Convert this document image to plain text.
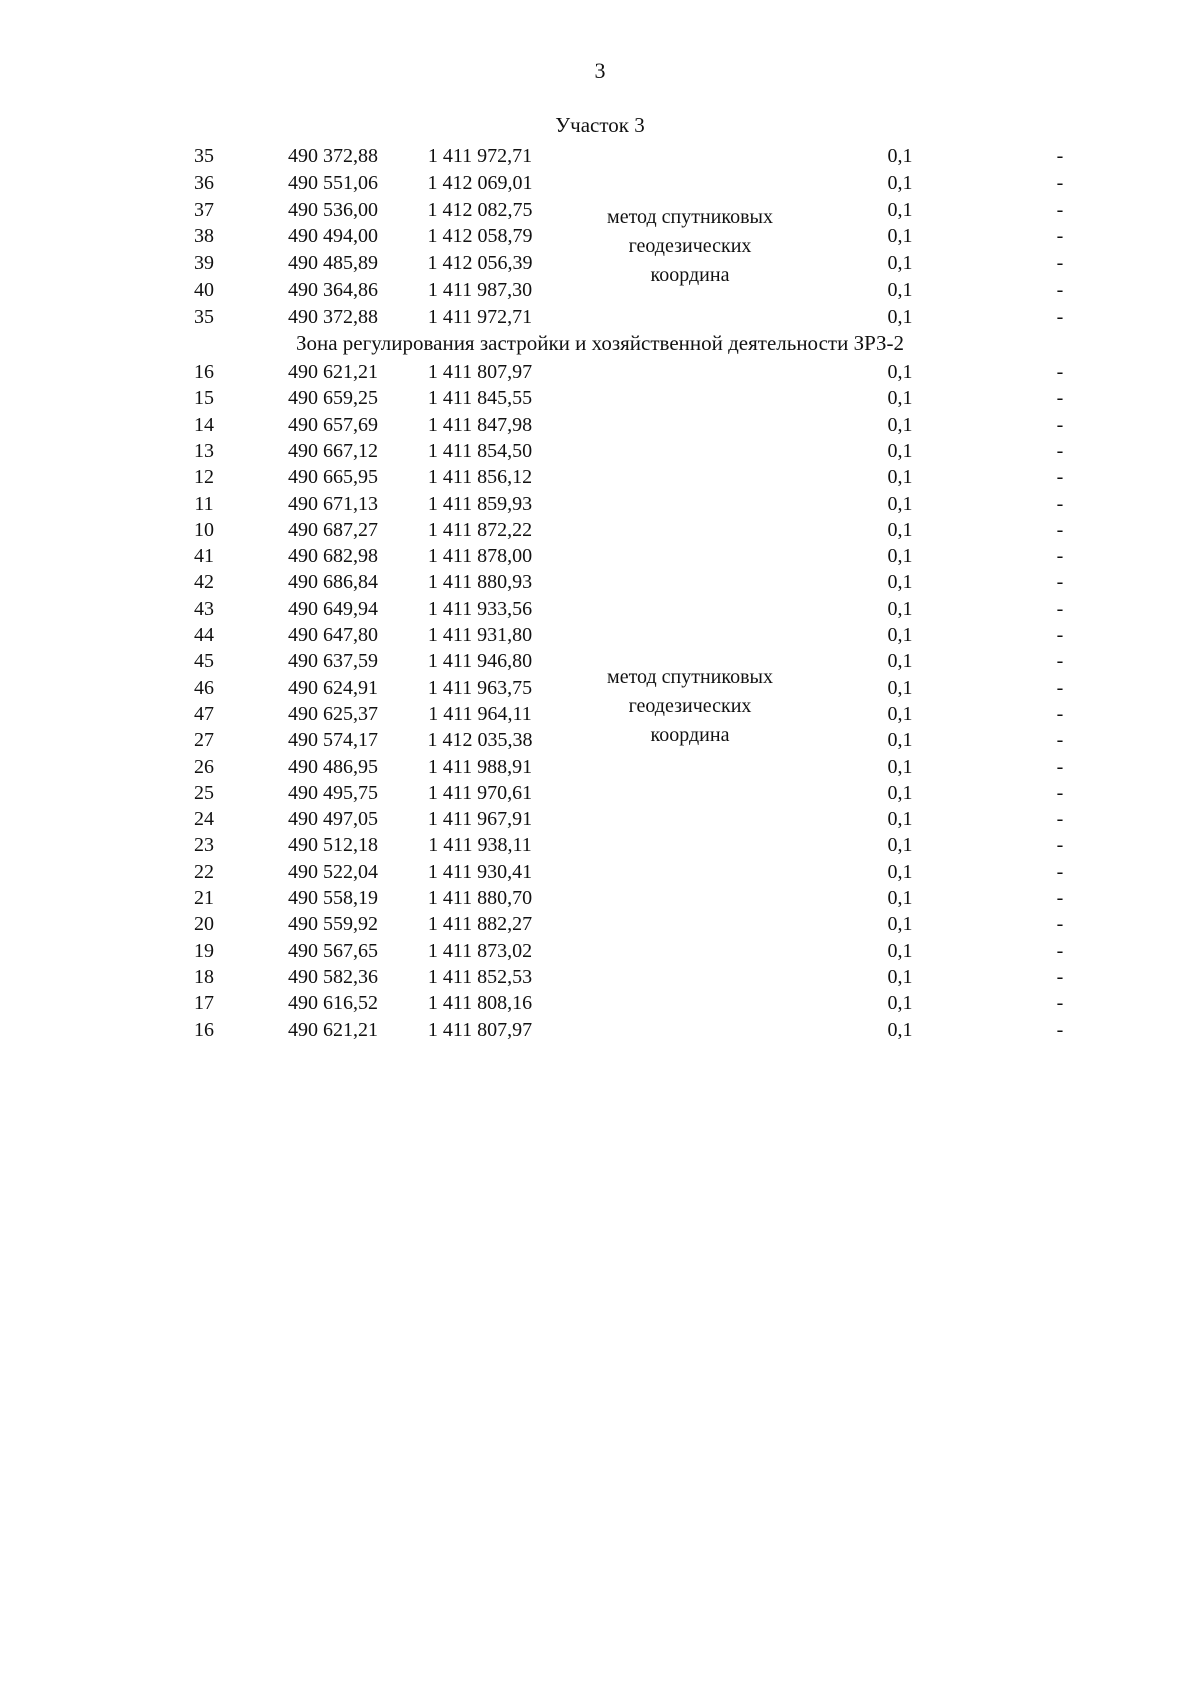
3
Участок 3
35	490 372,88	1 411 972,71	0,1	-
36	490 551,06	1 412 069,01	0,1	-
37	490 536,00	1 412 082,75	0,1	-
38	490 494,00	1 412 058,79	0,1	-
39	490 485,89	1 412 056,39	0,1	-
40	490 364,86	1 411 987,30	0,1	-
35	490 372,88	1 411 972,71	0,1	-
метод спутниковых
геодезических
координа
Зона регулирования застройки и хозяйственной деятельности ЗРЗ-2
16	490 621,21	1 411 807,97	0,1	-
15	490 659,25	1 411 845,55	0,1	-
14	490 657,69	1 411 847,98	0,1	-
13	490 667,12	1 411 854,50	0,1	-
12	490 665,95	1 411 856,12	0,1	-
11	490 671,13	1 411 859,93	0,1	-
10	490 687,27	1 411 872,22	0,1	-
41	490 682,98	1 411 878,00	0,1	-
42	490 686,84	1 411 880,93	0,1	-
43	490 649,94	1 411 933,56	0,1	-
44	490 647,80	1 411 931,80	0,1	-
45	490 637,59	1 411 946,80	0,1	-
46	490 624,91	1 411 963,75	0,1	-
47	490 625,37	1 411 964,11	0,1	-
27	490 574,17	1 412 035,38	0,1	-
26	490 486,95	1 411 988,91	0,1	-
25	490 495,75	1 411 970,61	0,1	-
24	490 497,05	1 411 967,91	0,1	-
23	490 512,18	1 411 938,11	0,1	-
22	490 522,04	1 411 930,41	0,1	-
21	490 558,19	1 411 880,70	0,1	-
20	490 559,92	1 411 882,27	0,1	-
19	490 567,65	1 411 873,02	0,1	-
18	490 582,36	1 411 852,53	0,1	-
17	490 616,52	1 411 808,16	0,1	-
16	490 621,21	1 411 807,97	0,1	-
метод спутниковых
геодезических
координа
